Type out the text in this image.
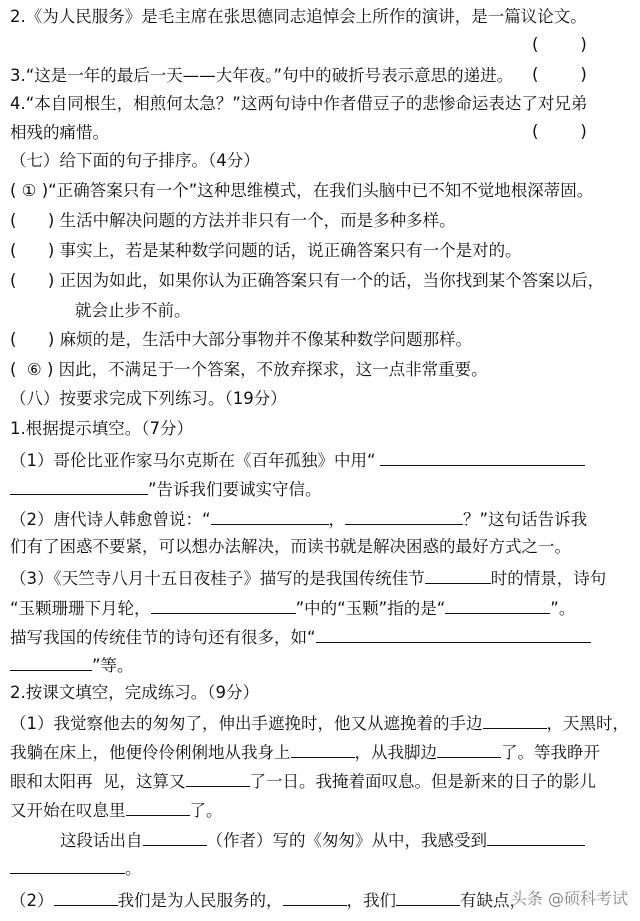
2.《为人民服务》是毛主席在张思德同志追悼会上所作的演讲，是一篇议论文。
(        )
3.“这是一年的最后一天——大年夜。”句中的破折号表示意思的递进。 (        )
4.“本自同根生，相煎何太急？”这两句诗中作者借豆子的悲惨命运表达了对兄弟
相残的痛惜。	(        )
（七）给下面的句子排序。（4分）
( ① )“正确答案只有一个”这种思维模式，在我们头脑中已不知不觉地根深蒂固。
(      ) 生活中解决问题的方法并非只有一个，而是多种多样。
(      ) 事实上，若是某种数学问题的话，说正确答案只有一个是对的。
(      ) 正因为如此，如果你认为正确答案只有一个的话，当你找到某个答案以后，
就会止步不前。
(      ) 麻烦的是，生活中大部分事物并不像某种数学问题那样。
(  ⑥ ) 因此，不满足于一个答案，不放弃探求，这一点非常重要。
（八）按要求完成下列练习。（19分）
1.根据提示填空。（7分）
（1）哥伦比亚作家马尔克斯在《百年孤独》中用“
”告诉我们要诚实守信。
（2）唐代诗人韩愈曾说：“	，	？”这句话告诉我
们有了困惑不要紧，可以想办法解决，而读书就是解决困惑的最好方式之一。
（3）《天竺寺八月十五日夜桂子》描写的是我国传统佳节	时的情景，诗句
“玉颗珊珊下月轮，	”中的“玉颗”指的是“	”。
描写我国的传统佳节的诗句还有很多，如“
”等。
2.按课文填空，完成练习。（9分）
（1）我觉察他去的匆匆了，伸出手遮挽时，他又从遮挽着的手边	，天黑时，
我躺在床上，他便伶伶俐俐地从我身上	，从我脚边	了。等我睁开
眼和太阳再  见，这算又	了一日。我掩着面叹息。但是新来的日子的影儿
又开始在叹息里	了。
这段话出自	（作者）写的《匆匆》从中，我感受到
。
（2）	我们是为人民服务的，	，我们	有缺点，
头条 @硕科考试
